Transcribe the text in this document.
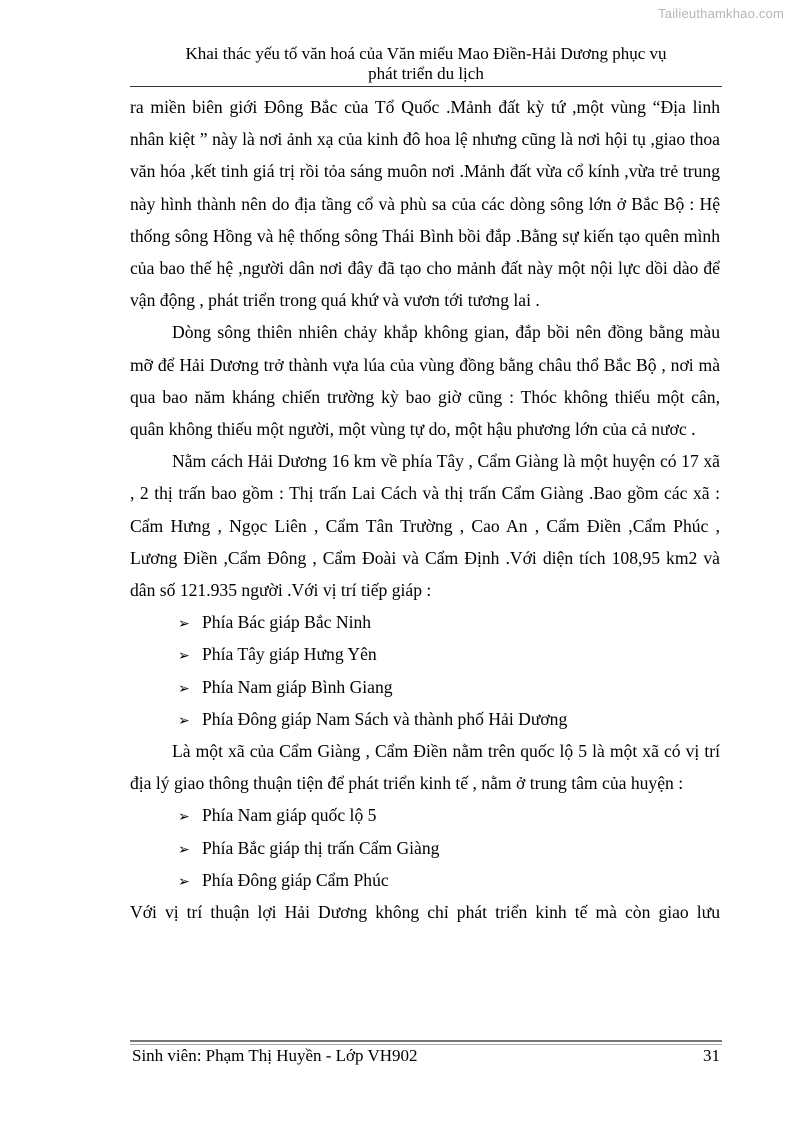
Tailieuthamkhao.com
Khai thác yếu tố văn hoá của Văn miếu Mao Điền-Hải Dương phục vụ
phát triển du lịch

ra miền biên giới Đông Bắc của Tổ Quốc .Mảnh đất kỳ tứ ,một vùng “Địa linh nhân kiệt ” này là nơi ảnh xạ của kinh đô hoa lệ nhưng cũng là nơi hội tụ ,giao thoa văn hóa ,kết tinh giá trị rồi tỏa sáng muôn nơi .Mảnh đất vừa cổ kính ,vừa trẻ trung này hình thành nên do địa tầng cổ và phù sa của các dòng sông lớn ở Bắc Bộ : Hệ thống sông Hồng và hệ thống sông Thái Bình bồi đắp .Bằng sự kiến tạo quên mình của bao thế hệ ,người dân nơi đây đã tạo cho mảnh đất này một nội lực dồi dào để vận động , phát triển trong quá khứ và vươn tới tương lai .

Dòng sông thiên nhiên chảy khắp không gian, đắp bồi nên đồng bằng màu mỡ để Hải Dương trở thành vựa lúa của vùng đồng bằng châu thổ Bắc Bộ , nơi mà qua bao năm kháng chiến trường kỳ bao giờ cũng : Thóc không thiếu một cân, quân không thiếu một người, một vùng tự do, một hậu phương lớn của cả nươc .

Nằm cách Hải Dương 16 km về phía Tây , Cẩm Giàng là một huyện có 17 xã , 2 thị trấn bao gồm : Thị trấn Lai Cách và thị trấn Cẩm Giàng .Bao gồm các xã : Cẩm Hưng , Ngọc Liên , Cẩm Tân Trường , Cao An , Cẩm Điền ,Cẩm Phúc , Lương Điền ,Cẩm Đông , Cẩm Đoài và Cẩm Định .Với diện tích 108,95 km2 và dân số 121.935 người .Với vị trí tiếp giáp :

➢ Phía Bác giáp Bắc Ninh
➢ Phía Tây giáp Hưng Yên
➢ Phía Nam giáp Bình Giang
➢ Phía Đông giáp Nam Sách và thành phố Hải Dương

Là một xã của Cẩm Giàng , Cẩm Điền nằm trên quốc lộ 5 là một xã có vị trí địa lý giao thông thuận tiện để phát triển kinh tế , nằm ở trung tâm của huyện :

➢ Phía Nam giáp quốc lộ 5
➢ Phía Bắc giáp thị trấn Cẩm Giàng
➢ Phía Đông giáp Cẩm Phúc

Với vị trí thuận lợi Hải Dương không chỉ phát triển kinh tế mà còn giao lưu

Sinh viên: Phạm Thị Huyền - Lớp VH902	31
